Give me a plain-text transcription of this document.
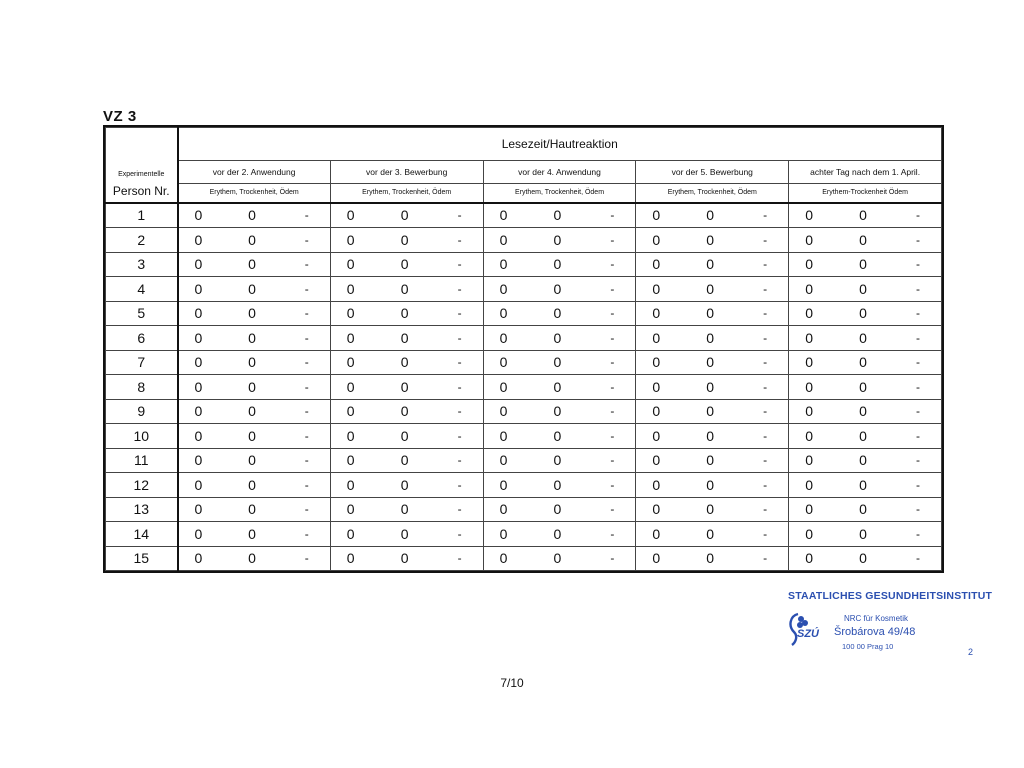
VZ 3
Experimentelle
Person Nr.	Lesezeit/Hautreaktion				
	vor der 2. Anwendung	vor der 3. Bewerbung	vor der 4. Anwendung	vor der 5. Bewerbung	achter Tag nach dem 1. April.
	Erythem, Trockenheit, Ödem	Erythem, Trockenheit, Ödem	Erythem, Trockenheit, Ödem	Erythem, Trockenheit, Ödem	Erythem-Trockenheit Ödem
1	0 0 -	0 0 -	0 0 -	0 0 -	0 0 -

2	0 0 -	0 0 -	0 0 -	0 0 -	0 0 -

3	0 0 -	0 0 -	0 0 -	0 0 -	0 0 -

4	0 0 -	0 0 -	0 0 -	0 0 -	0 0 -

5	0 0 -	0 0 -	0 0 -	0 0 -	0 0 -

6	0 0 -	0 0 -	0 0 -	0 0 -	0 0 -

7	0 0 -	0 0 -	0 0 -	0 0 -	0 0 -

8	0 0 -	0 0 -	0 0 -	0 0 -	0 0 -

9	0 0 -	0 0 -	0 0 -	0 0 -	0 0 -

10	0 0 -	0 0 -	0 0 -	0 0 -	0 0 -

11	0 0 -	0 0 -	0 0 -	0 0 -	0 0 -

12	0 0 -	0 0 -	0 0 -	0 0 -	0 0 -

13	0 0 -	0 0 -	0 0 -	0 0 -	0 0 -

14	0 0 -	0 0 -	0 0 -	0 0 -	0 0 -

15	0 0 -	0 0 -	0 0 -	0 0 -	0 0 -
7/10
STAATLICHES GESUNDHEITSINSTITUT
SZÚ
NRC für Kosmetik
Šrobárova 49/48
100 00 Prag 10
2
